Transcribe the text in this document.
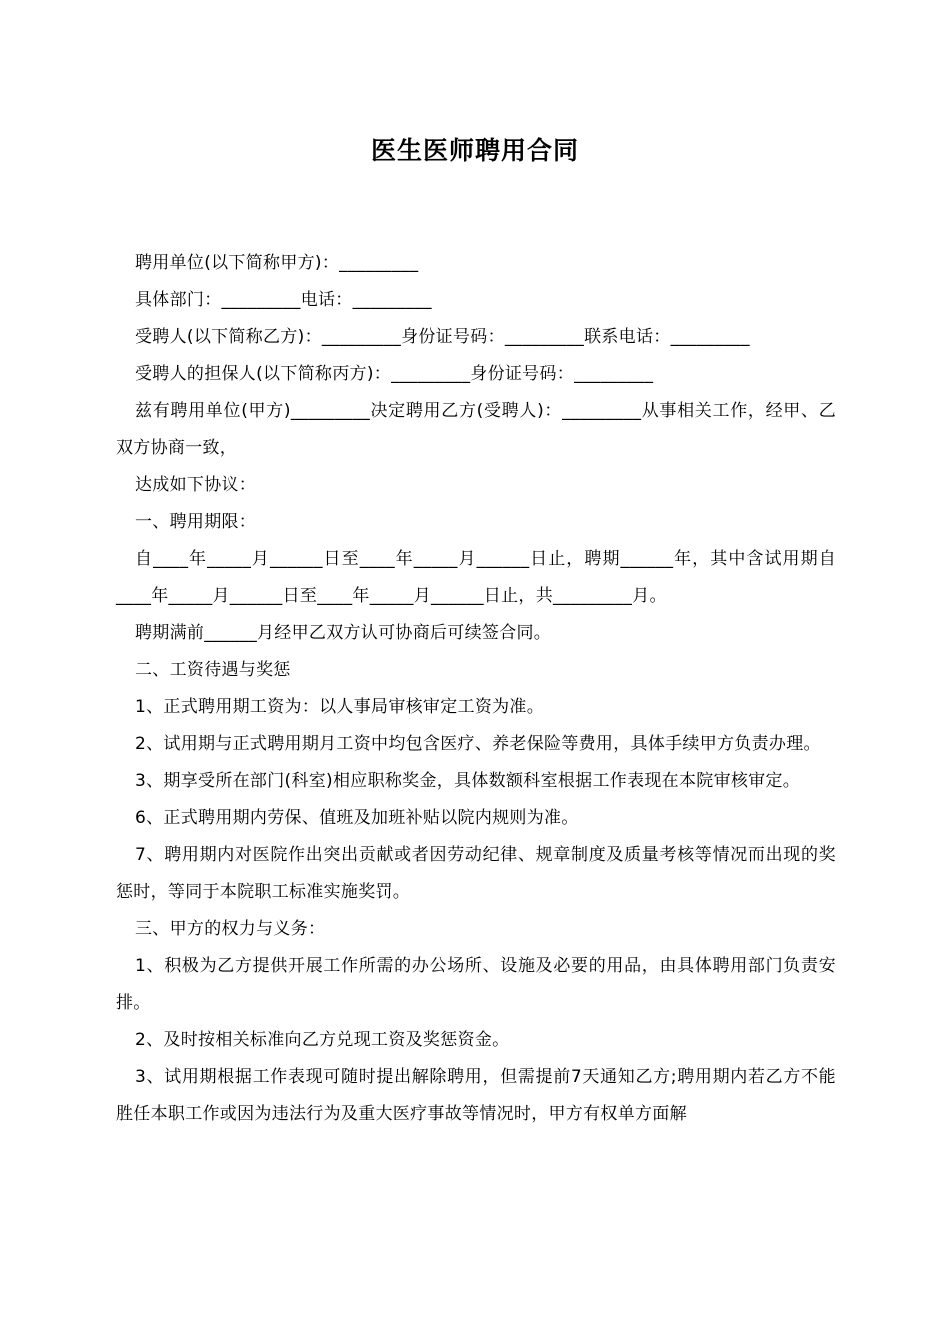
医生医师聘用合同

聘用单位(以下简称甲方)：_________

具体部门：_________电话：_________

受聘人(以下简称乙方)：_________身份证号码：_________联系电话：_________

受聘人的担保人(以下简称丙方)：_________身份证号码：_________

兹有聘用单位(甲方)_________决定聘用乙方(受聘人)：_________从事相关工作，经甲、乙双方协商一致，

达成如下协议：

一、聘用期限：

自____年_____月______日至____年_____月______日止，聘期______年，其中含试用期自____年_____月______日至____年_____月______日止，共_________月。

聘期满前______月经甲乙双方认可协商后可续签合同。

二、工资待遇与奖惩

1、正式聘用期工资为：以人事局审核审定工资为准。

2、试用期与正式聘用期月工资中均包含医疗、养老保险等费用，具体手续甲方负责办理。

3、期享受所在部门(科室)相应职称奖金，具体数额科室根据工作表现在本院审核审定。

6、正式聘用期内劳保、值班及加班补贴以院内规则为准。

7、聘用期内对医院作出突出贡献或者因劳动纪律、规章制度及质量考核等情况而出现的奖惩时，等同于本院职工标准实施奖罚。

三、甲方的权力与义务：

1、积极为乙方提供开展工作所需的办公场所、设施及必要的用品，由具体聘用部门负责安排。

2、及时按相关标准向乙方兑现工资及奖惩资金。

3、试用期根据工作表现可随时提出解除聘用，但需提前7天通知乙方;聘用期内若乙方不能胜任本职工作或因为违法行为及重大医疗事故等情况时，甲方有权单方面解
